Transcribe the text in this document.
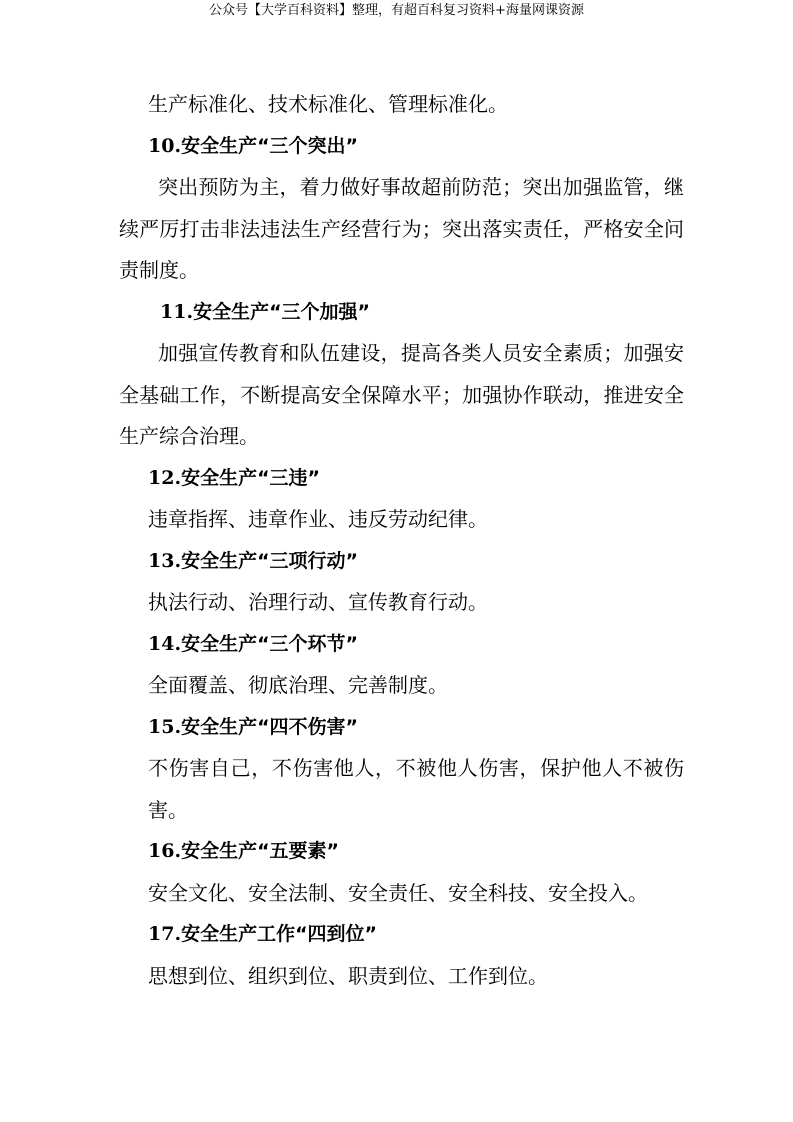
公众号【大学百科资料】整理，有超百科复习资料+海量网课资源

生产标准化、技术标准化、管理标准化。

10.安全生产“三个突出”

突出预防为主，着力做好事故超前防范；突出加强监管，继续严厉打击非法违法生产经营行为；突出落实责任，严格安全问责制度。

11.安全生产“三个加强”

加强宣传教育和队伍建设，提高各类人员安全素质；加强安全基础工作，不断提高安全保障水平；加强协作联动，推进安全生产综合治理。

12.安全生产“三违”

违章指挥、违章作业、违反劳动纪律。

13.安全生产“三项行动”

执法行动、治理行动、宣传教育行动。

14.安全生产“三个环节”

全面覆盖、彻底治理、完善制度。

15.安全生产“四不伤害”

不伤害自己，不伤害他人，不被他人伤害，保护他人不被伤害。

16.安全生产“五要素”

安全文化、安全法制、安全责任、安全科技、安全投入。

17.安全生产工作“四到位”

思想到位、组织到位、职责到位、工作到位。
